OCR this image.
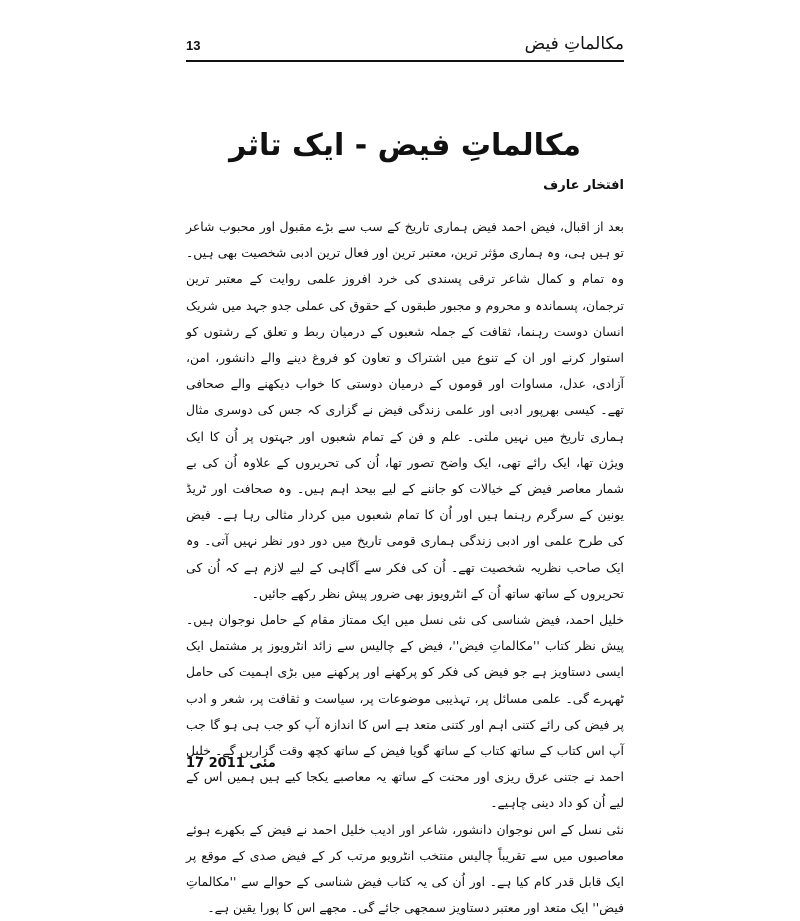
مکالماتِ فیض
13
مکالماتِ فیض - ایک تاثر
افتخار عارف

بعد از اقبال، فیض احمد فیض ہماری تاریخ کے سب سے بڑے مقبول اور محبوب شاعر تو ہیں ہی، وہ ہماری مؤثر ترین، معتبر ترین اور فعال ترین ادبی شخصیت بھی ہیں۔ وہ تمام و کمال شاعر ترقی پسندی کی خرد افروز علمی روایت کے معتبر ترین ترجمان، پسماندہ و محروم و مجبور طبقوں کے حقوق کی عملی جدو جہد میں شریک انسان دوست رہنما، ثقافت کے جملہ شعبوں کے درمیان ربط و تعلق کے رشتوں کو استوار کرنے اور ان کے تنوع میں اشتراک و تعاون کو فروغ دینے والے دانشور، امن، آزادی، عدل، مساوات اور قوموں کے درمیان دوستی کا خواب دیکھنے والے صحافی تھے۔ کیسی بھرپور ادبی اور علمی زندگی فیض نے گزاری کہ جس کی دوسری مثال ہماری تاریخ میں نہیں ملتی۔ علم و فن کے تمام شعبوں اور جہتوں پر اُن کا ایک ویژن تھا، ایک رائے تھی، ایک واضح تصور تھا، اُن کی تحریروں کے علاوہ اُن کی بے شمار معاصر فیض کے خیالات کو جاننے کے لیے بیحد اہم ہیں۔ وہ صحافت اور ٹریڈ یونین کے سرگرم رہنما ہیں اور اُن کا تمام شعبوں میں کردار مثالی رہا ہے۔ فیض کی طرح علمی اور ادبی زندگی ہماری قومی تاریخ میں دور دور نظر نہیں آتی۔ وہ ایک صاحب نظریہ شخصیت تھے۔ اُن کی فکر سے آگاہی کے لیے لازم ہے کہ اُن کی تحریروں کے ساتھ ساتھ اُن کے انٹرویوز بھی ضرور پیش نظر رکھے جائیں۔

خلیل احمد، فیض شناسی کی نئی نسل میں ایک ممتاز مقام کے حامل نوجوان ہیں۔ پیش نظر کتاب ''مکالماتِ فیض''، فیض کے چالیس سے زائد انٹرویوز پر مشتمل ایک ایسی دستاویز ہے جو فیض کی فکر کو پرکھنے اور پرکھنے میں بڑی اہمیت کی حامل ٹھہرے گی۔ علمی مسائل پر، تہذیبی موضوعات پر، سیاست و ثقافت پر، شعر و ادب پر فیض کی رائے کتنی اہم اور کتنی متعد ہے اس کا اندازہ آپ کو جب ہی ہو گا جب آپ اس کتاب کے ساتھ کتاب کے ساتھ گویا فیض کے ساتھ کچھ وقت گزاریں گے۔ خلیل احمد نے جتنی عرق ریزی اور محنت کے ساتھ یہ معاصبے یکجا کیے ہیں ہمیں اس کے لیے اُن کو داد دینی چاہیے۔

نئی نسل کے اس نوجوان دانشور، شاعر اور ادیب خلیل احمد نے فیض کے بکھرے ہوئے معاصبوں میں سے تقریباً چالیس منتخب انٹرویو مرتب کر کے فیض صدی کے موقع پر ایک قابل قدر کام کیا ہے۔ اور اُن کی یہ کتاب فیض شناسی کے حوالے سے ''مکالماتِ فیض'' ایک متعد اور معتبر دستاویز سمجھی جائے گی۔ مجھے اس کا پورا یقین ہے۔

17 مئی 2011
